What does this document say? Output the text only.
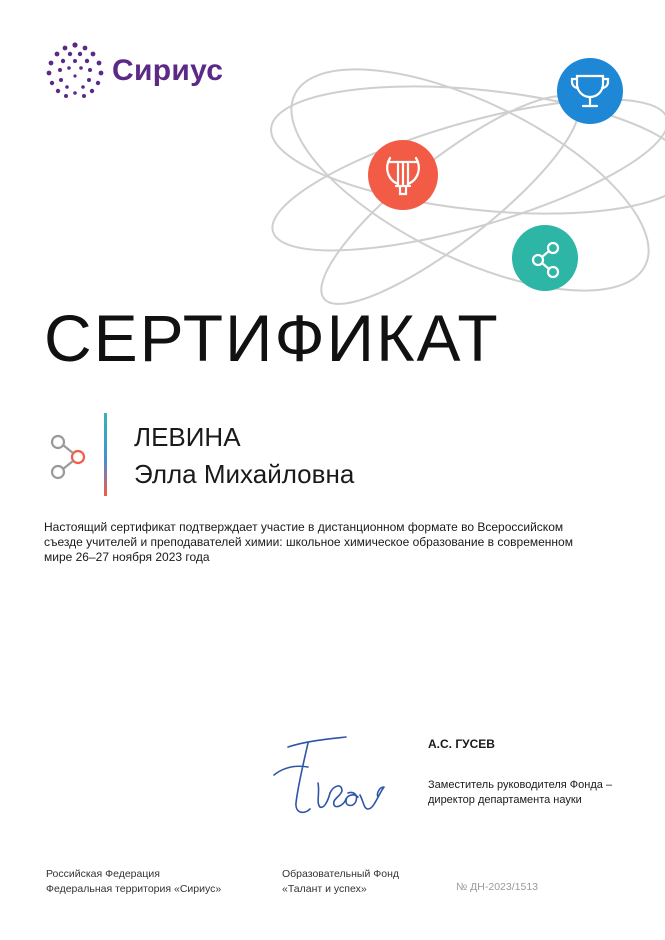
Сириус
СЕРТИФИКАТ
ЛЕВИНА
Элла Михайловна
Настоящий сертификат подтверждает участие в дистанционном формате во Всероссийском съезде учителей и преподавателей химии: школьное химическое образование в современном мире 26–27 ноября 2023 года
А.С. ГУСЕВ
Заместитель руководителя Фонда –
директор департамента науки
Российская Федерация
Федеральная территория «Сириус»
Образовательный Фонд
«Талант и успех»	№ ДН-2023/1513
